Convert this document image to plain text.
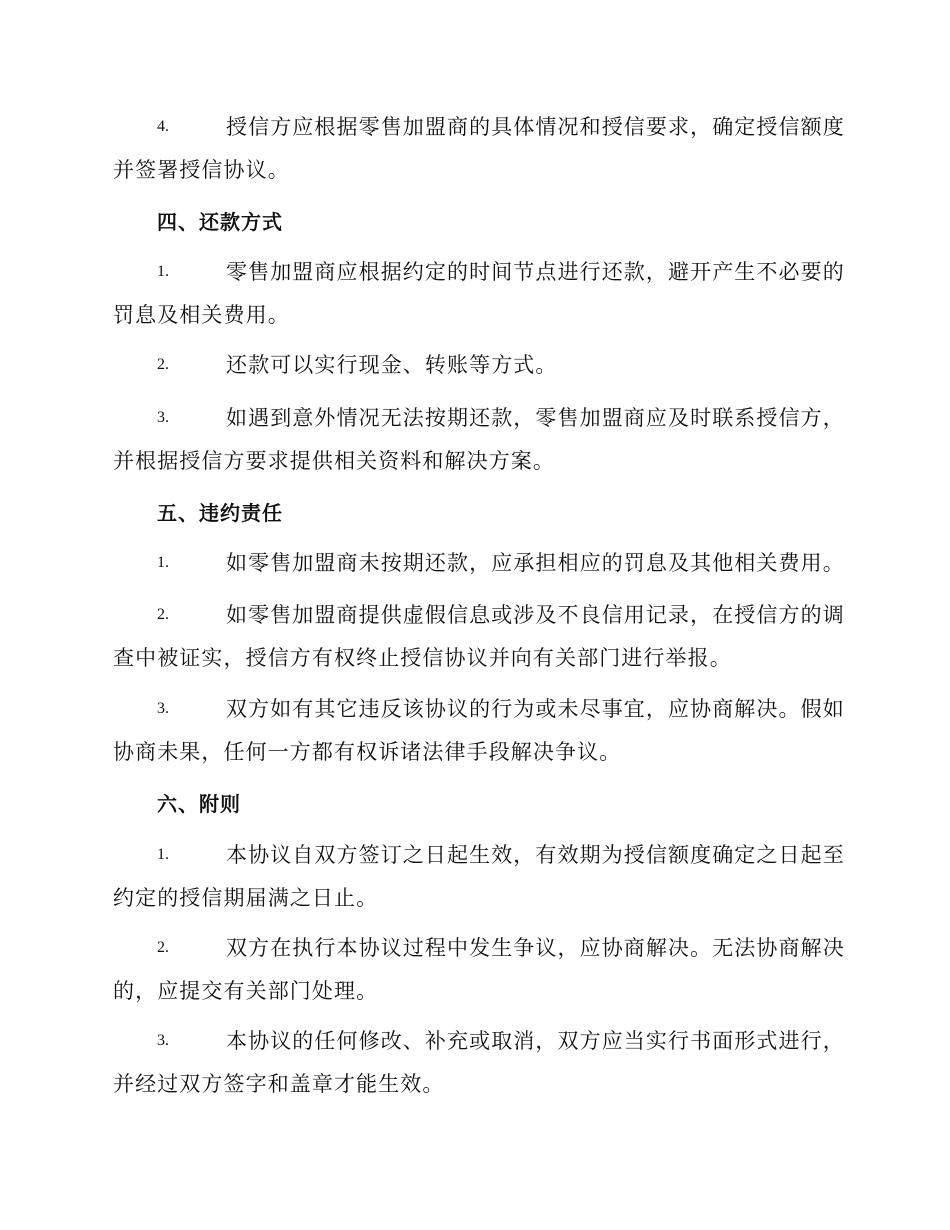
4.	授信方应根据零售加盟商的具体情况和授信要求，确定授信额度
并签署授信协议。
四、还款方式
1.	零售加盟商应根据约定的时间节点进行还款，避开产生不必要的
罚息及相关费用。
2.	还款可以实行现金、转账等方式。
3.	如遇到意外情况无法按期还款，零售加盟商应及时联系授信方，
并根据授信方要求提供相关资料和解决方案。
五、违约责任
1.	如零售加盟商未按期还款，应承担相应的罚息及其他相关费用。
2.	如零售加盟商提供虚假信息或涉及不良信用记录，在授信方的调
查中被证实，授信方有权终止授信协议并向有关部门进行举报。
3.	双方如有其它违反该协议的行为或未尽事宜，应协商解决。假如
协商未果，任何一方都有权诉诸法律手段解决争议。
六、附则
1.	本协议自双方签订之日起生效，有效期为授信额度确定之日起至
约定的授信期届满之日止。
2.	双方在执行本协议过程中发生争议，应协商解决。无法协商解决
的，应提交有关部门处理。
3.	本协议的任何修改、补充或取消，双方应当实行书面形式进行，
并经过双方签字和盖章才能生效。
